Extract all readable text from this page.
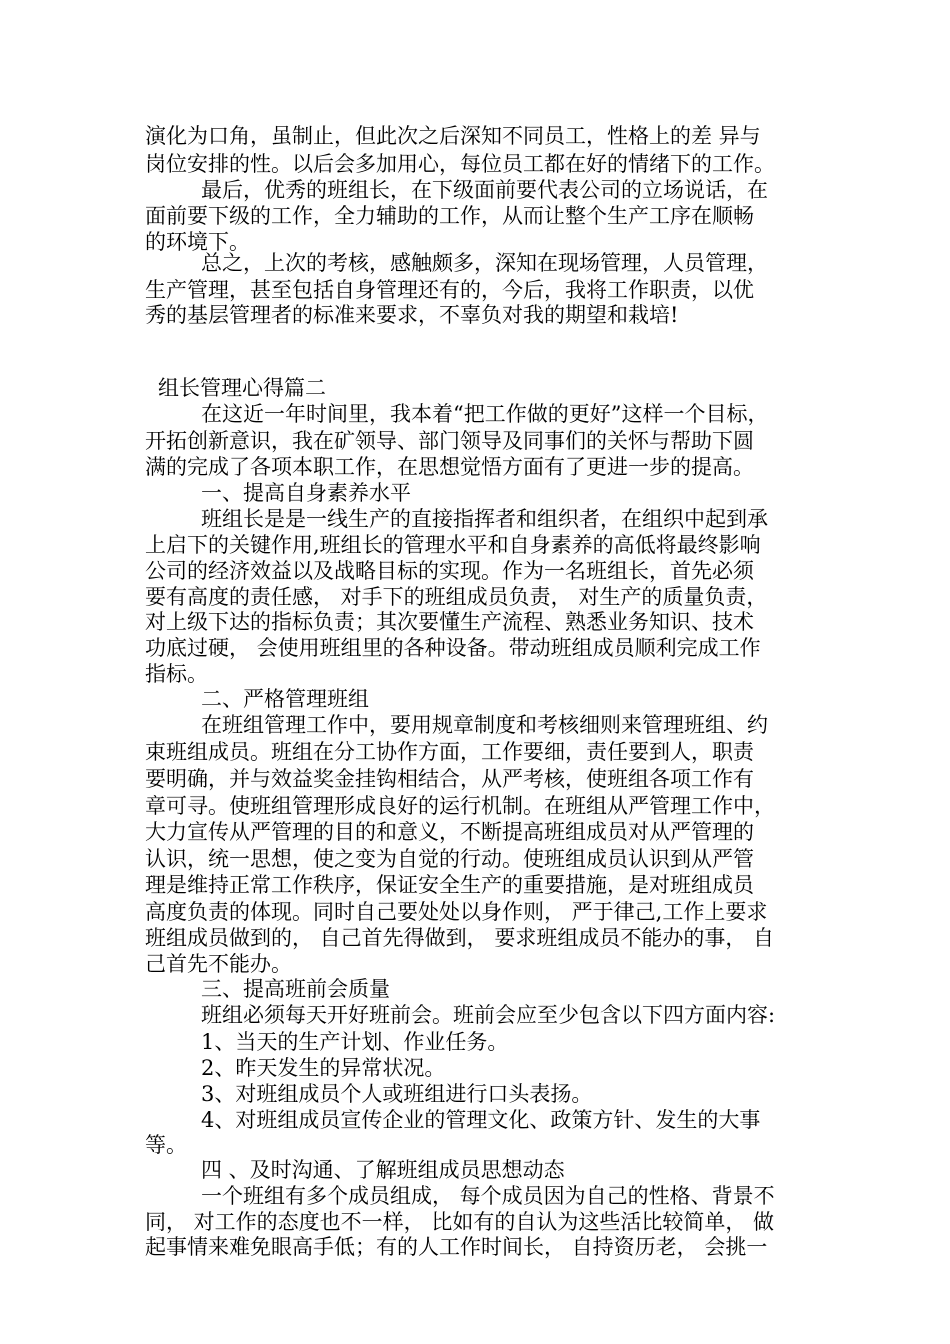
演化为口角，虽制止，但此次之后深知不同员工，性格上的差 异与
岗位安排的性。以后会多加用心，每位员工都在好的情绪下的工作。
最后，优秀的班组长，在下级面前要代表公司的立场说话，在
面前要下级的工作，全力辅助的工作，从而让整个生产工序在顺畅
的环境下。
总之，上次的考核，感触颇多，深知在现场管理，人员管理，
生产管理，甚至包括自身管理还有的，今后，我将工作职责，以优
秀的基层管理者的标准来要求，不辜负对我的期望和栽培!
组长管理心得篇二
在这近一年时间里，我本着“把工作做的更好”这样一个目标，
开拓创新意识，我在矿领导、部门领导及同事们的关怀与帮助下圆
满的完成了各项本职工作，在思想觉悟方面有了更进一步的提高。
一、提高自身素养水平
班组长是是一线生产的直接指挥者和组织者，在组织中起到承
上启下的关键作用,班组长的管理水平和自身素养的高低将最终影响
公司的经济效益以及战略目标的实现。作为一名班组长，首先必须
要有高度的责任感， 对手下的班组成员负责， 对生产的质量负责，
对上级下达的指标负责；其次要懂生产流程、熟悉业务知识、技术
功底过硬， 会使用班组里的各种设备。带动班组成员顺利完成工作
指标。
二、严格管理班组
在班组管理工作中，要用规章制度和考核细则来管理班组、约
束班组成员。班组在分工协作方面，工作要细，责任要到人，职责
要明确，并与效益奖金挂钩相结合，从严考核，使班组各项工作有
章可寻。使班组管理形成良好的运行机制。在班组从严管理工作中，
大力宣传从严管理的目的和意义，不断提高班组成员对从严管理的
认识，统一思想，使之变为自觉的行动。使班组成员认识到从严管
理是维持正常工作秩序，保证安全生产的重要措施，是对班组成员
高度负责的体现。同时自己要处处以身作则， 严于律己,工作上要求
班组成员做到的， 自己首先得做到， 要求班组成员不能办的事， 自
己首先不能办。
三、提高班前会质量
班组必须每天开好班前会。班前会应至少包含以下四方面内容:
1、当天的生产计划、作业任务。
2、昨天发生的异常状况。
3、对班组成员个人或班组进行口头表扬。
4、对班组成员宣传企业的管理文化、政策方针、发生的大事
等。
四 、及时沟通、了解班组成员思想动态
一个班组有多个成员组成， 每个成员因为自己的性格、背景不
同， 对工作的态度也不一样， 比如有的自认为这些活比较简单， 做
起事情来难免眼高手低；有的人工作时间长， 自持资历老， 会挑一
